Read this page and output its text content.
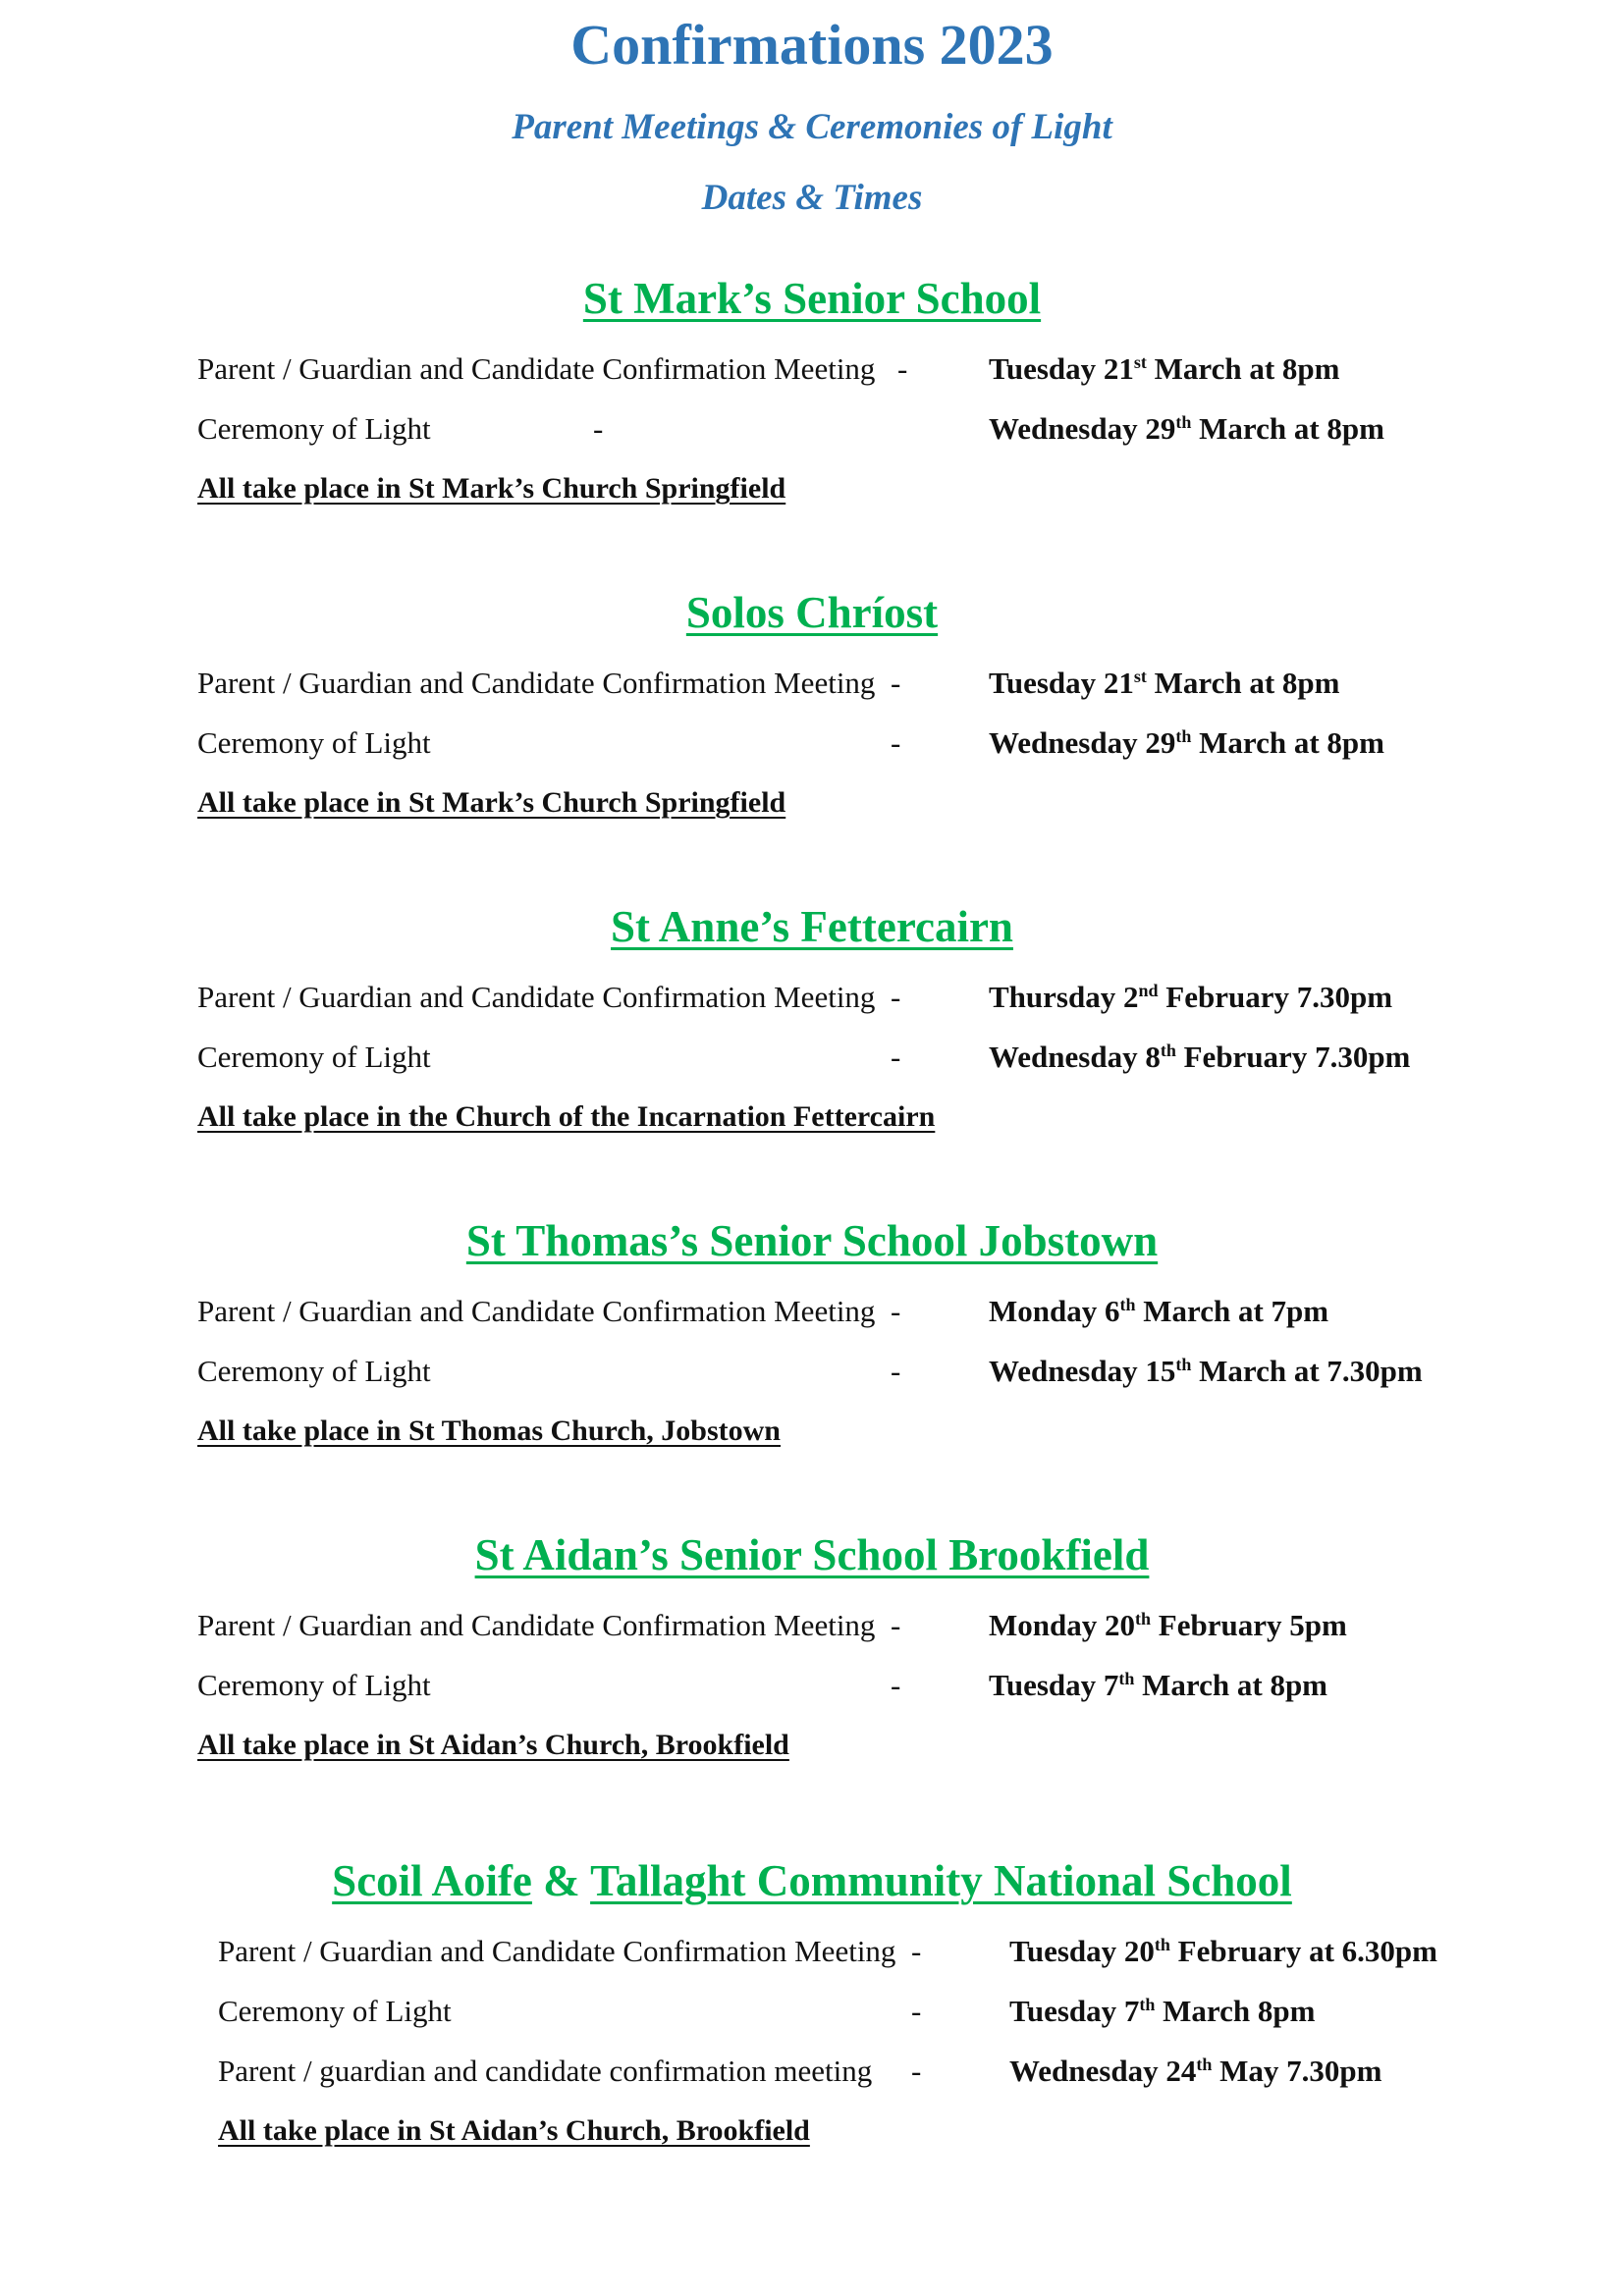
Confirmations 2023
Parent Meetings & Ceremonies of Light
Dates & Times
St Mark’s Senior School
Parent / Guardian and Candidate Confirmation Meeting -	Tuesday 21st March at 8pm
Ceremony of Light	-	Wednesday 29th March at 8pm
All take place in St Mark’s Church Springfield
Solos Chríost
Parent / Guardian and Candidate Confirmation Meeting -	Tuesday 21st March at 8pm
Ceremony of Light	-	Wednesday 29th March at 8pm
All take place in St Mark’s Church Springfield
St Anne’s Fettercairn
Parent / Guardian and Candidate Confirmation Meeting -	Thursday 2nd February 7.30pm
Ceremony of Light	-	Wednesday 8th February 7.30pm
All take place in the Church of the Incarnation Fettercairn
St Thomas’s Senior School Jobstown
Parent / Guardian and Candidate Confirmation Meeting -	Monday 6th March at 7pm
Ceremony of Light	-	Wednesday 15th March at 7.30pm
All take place in St Thomas Church, Jobstown
St Aidan’s Senior School Brookfield
Parent / Guardian and Candidate Confirmation Meeting -	Monday 20th February 5pm
Ceremony of Light	-	Tuesday 7th March at 8pm
All take place in St Aidan’s Church, Brookfield
Scoil Aoife & Tallaght Community National School
Parent / Guardian and Candidate Confirmation Meeting -	Tuesday 20th February at 6.30pm
Ceremony of Light	-	Tuesday 7th March 8pm
Parent / guardian and candidate confirmation meeting -	Wednesday 24th May 7.30pm
All take place in St Aidan’s Church, Brookfield
